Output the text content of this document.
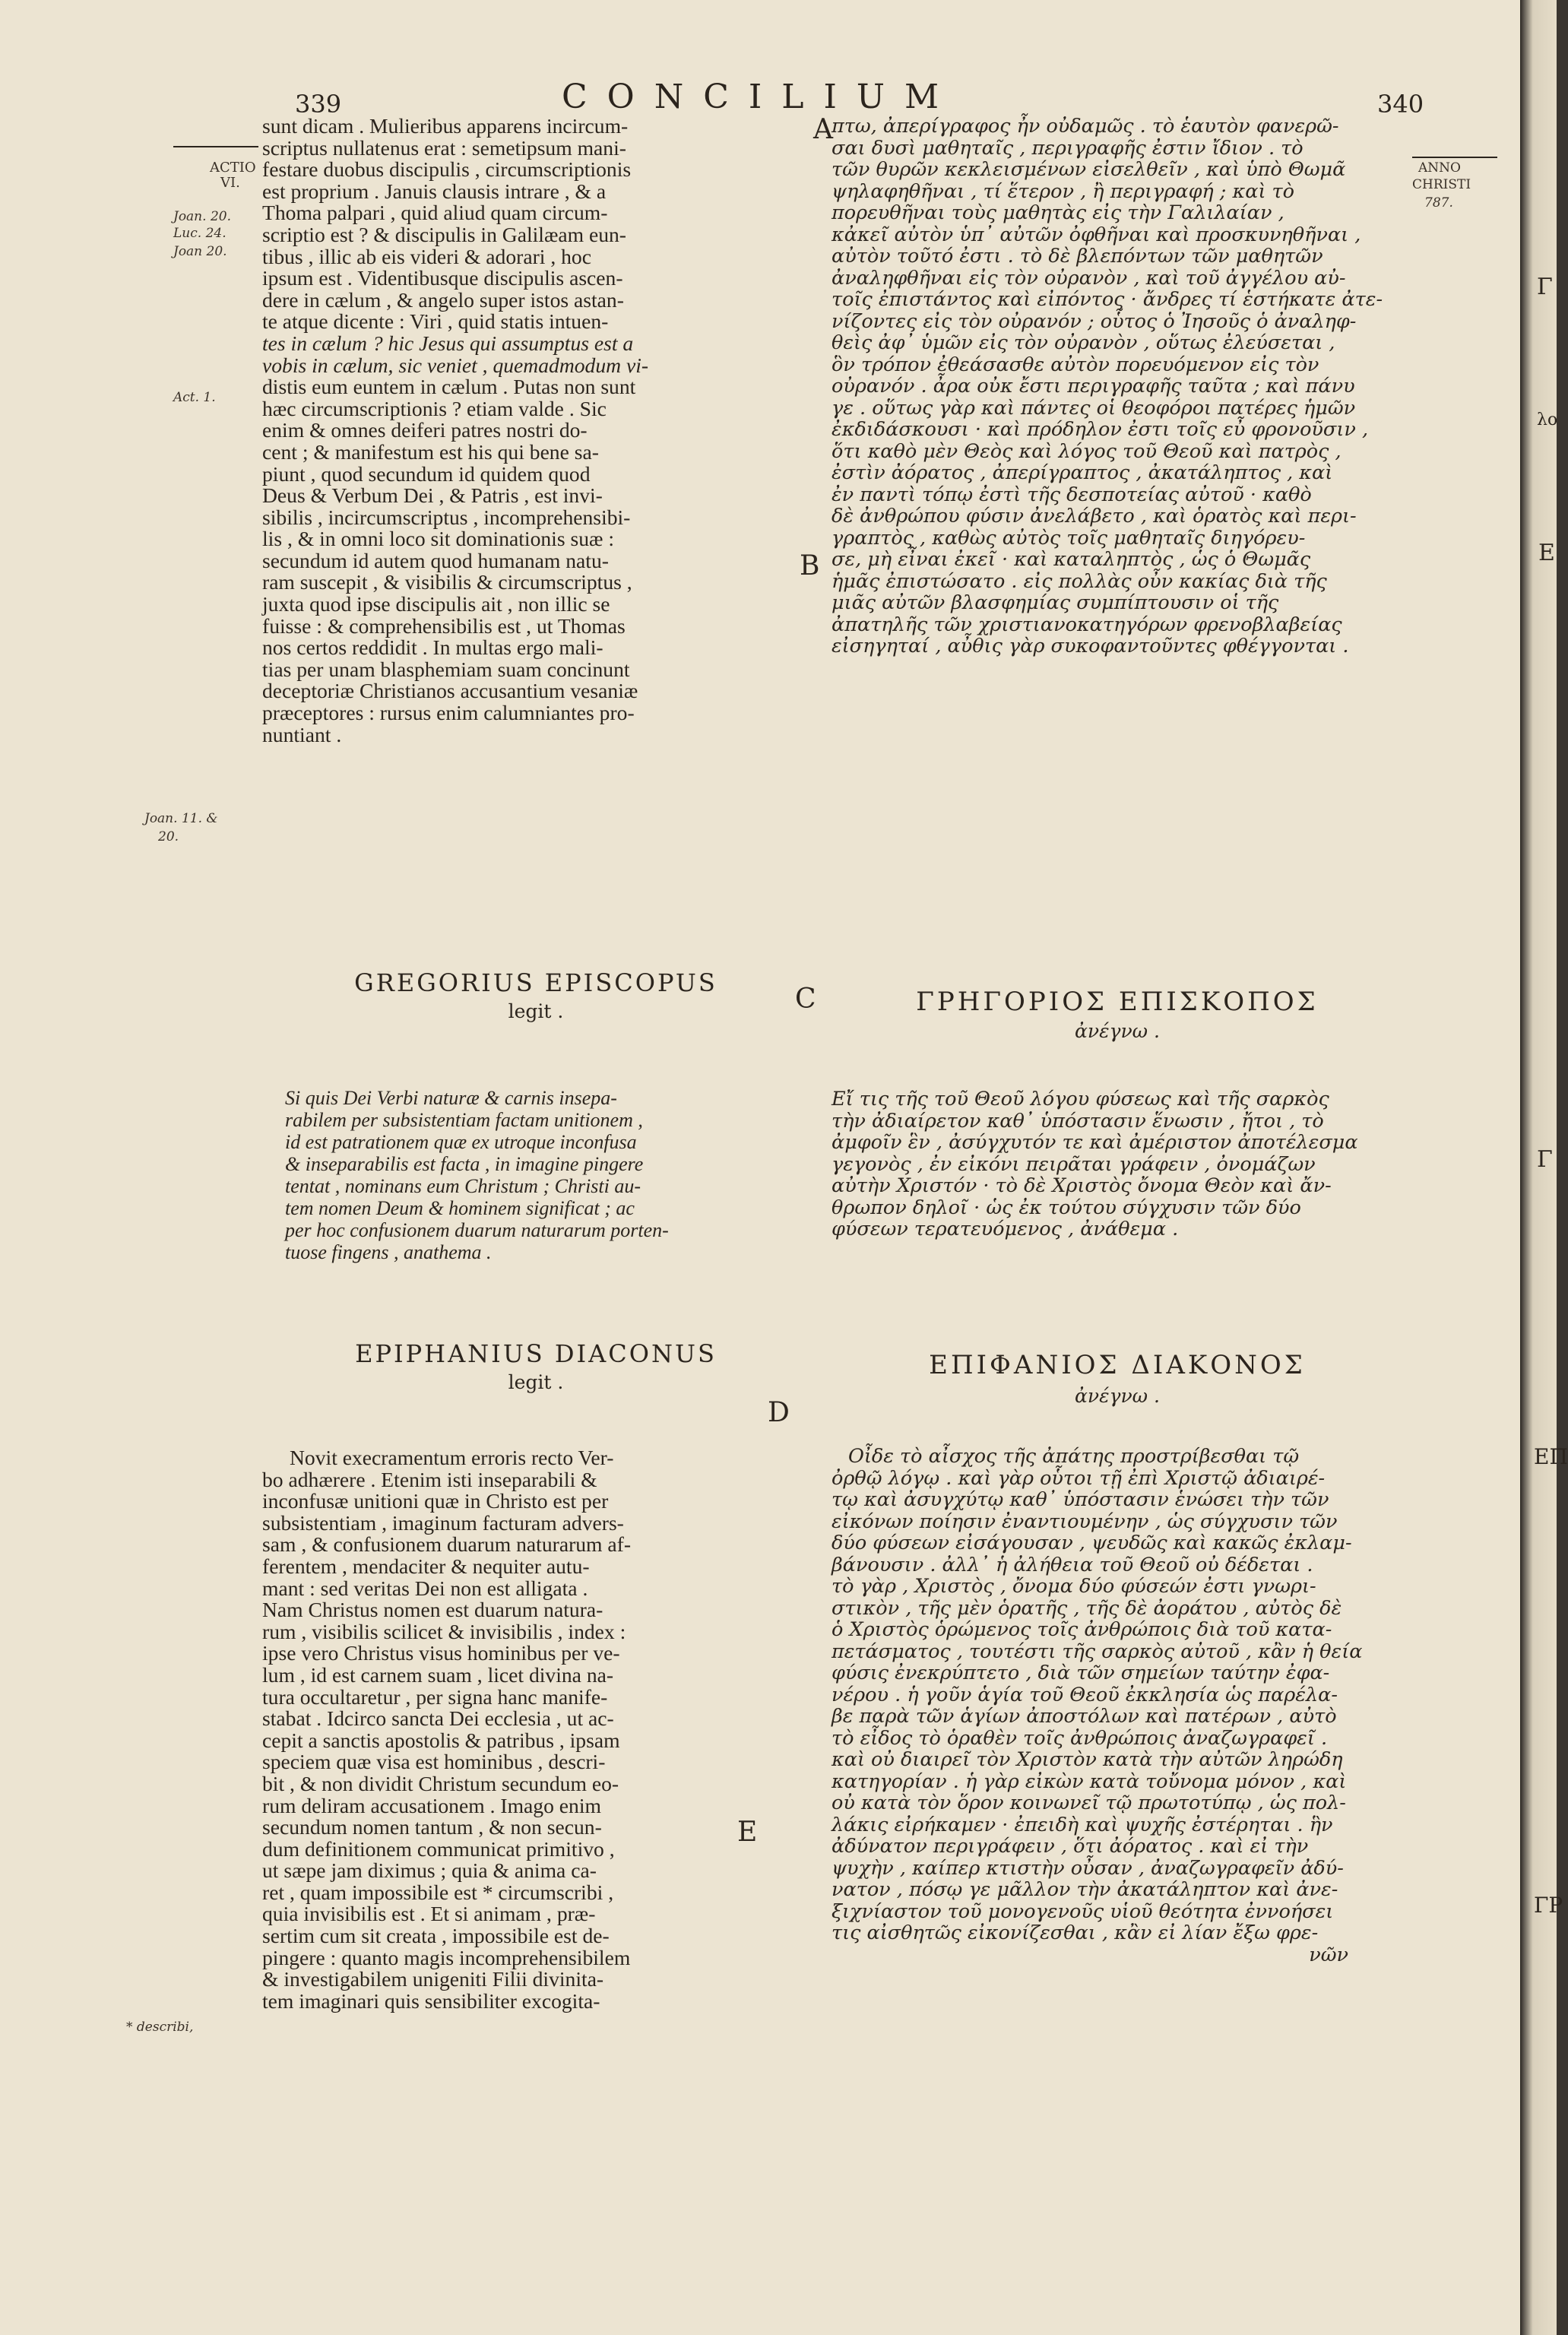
CONCILIUM
339	340
ACTIO
VI.
Joan. 20.
Luc. 24.
Joan 20.
Act. 1.
Joan. 11. &
20.
* describi,
ANNO
CHRISTI
787.
A
B
C
D
E

sunt dicam . Mulieribus apparens incircum-

scriptus nullatenus erat : semetipsum mani-

festare duobus discipulis , circumscriptionis

est proprium . Januis clausis intrare , & a

Thoma palpari , quid aliud quam circum-

scriptio est ? & discipulis in Galilæam eun-

tibus , illic ab eis videri & adorari , hoc

ipsum est . Videntibusque discipulis ascen-

dere in cælum , & angelo super istos astan-

te atque dicente : Viri , quid statis intuen-

tes in cælum ? hic Jesus qui assumptus est a

vobis in cælum, sic veniet , quemadmodum vi-

distis eum euntem in cælum . Putas non sunt

hæc circumscriptionis ? etiam valde . Sic

enim & omnes deiferi patres nostri do-

cent ; & manifestum est his qui bene sa-

piunt , quod secundum id quidem quod

Deus & Verbum Dei , & Patris , est invi-

sibilis , incircumscriptus , incomprehensibi-

lis , & in omni loco sit dominationis suæ :

secundum id autem quod humanam natu-

ram suscepit , & visibilis & circumscriptus ,

juxta quod ipse discipulis ait , non illic se

fuisse : & comprehensibilis est , ut Thomas

nos certos reddidit . In multas ergo mali-

tias per unam blasphemiam suam concinunt

deceptoriæ Christianos accusantium vesaniæ

præceptores : rursus enim calumniantes pro-

nuntiant .

πτω, ἀπερίγραφος ἦν οὐδαμῶς . τὸ ἑαυτὸν φανερῶ-

σαι δυσὶ μαθηταῖς , περιγραφῆς ἐστιν ἴδιον . τὸ

τῶν θυρῶν κεκλεισμένων εἰσελθεῖν , καὶ ὑπὸ Θωμᾶ

ψηλαφηθῆναι , τί ἕτερον , ἢ περιγραφή ; καὶ τὸ

πορευθῆναι τοὺς μαθητὰς εἰς τὴν Γαλιλαίαν ,

κἀκεῖ αὐτὸν ὑπ᾽ αὐτῶν ὀφθῆναι καὶ προσκυνηθῆναι ,

αὐτὸν τοῦτό ἐστι . τὸ δὲ βλεπόντων τῶν μαθητῶν

ἀναληφθῆναι εἰς τὸν οὐρανὸν , καὶ τοῦ ἀγγέλου αὐ-

τοῖς ἐπιστάντος καὶ εἰπόντος · ἄνδρες τί ἑστήκατε ἀτε-

νίζοντες εἰς τὸν οὐρανόν ; οὗτος ὁ Ἰησοῦς ὁ ἀναληφ-

θεὶς ἀφ᾽ ὑμῶν εἰς τὸν οὐρανὸν , οὕτως ἐλεύσεται ,

ὃν τρόπον ἐθεάσασθε αὐτὸν πορευόμενον εἰς τὸν

οὐρανόν . ἆρα οὐκ ἔστι περιγραφῆς ταῦτα ; καὶ πάνυ

γε . οὕτως γὰρ καὶ πάντες οἱ θεοφόροι πατέρες ἡμῶν

ἐκδιδάσκουσι · καὶ πρόδηλον ἐστι τοῖς εὖ φρονοῦσιν ,

ὅτι καθὸ μὲν Θεὸς καὶ λόγος τοῦ Θεοῦ καὶ πατρὸς ,

ἐστὶν ἀόρατος , ἀπερίγραπτος , ἀκατάληπτος , καὶ

ἐν παντὶ τόπῳ ἐστὶ τῆς δεσποτείας αὐτοῦ · καθὸ

δὲ ἀνθρώπου φύσιν ἀνελάβετο , καὶ ὁρατὸς καὶ περι-

γραπτὸς , καθὼς αὐτὸς τοῖς μαθηταῖς διηγόρευ-

σε, μὴ εἶναι ἐκεῖ · καὶ καταληπτὸς , ὡς ὁ Θωμᾶς

ἡμᾶς ἐπιστώσατο . εἰς πολλὰς οὖν κακίας διὰ τῆς

μιᾶς αὐτῶν βλασφημίας συμπίπτουσιν οἱ τῆς

ἀπατηλῆς τῶν χριστιανοκατηγόρων φρενοβλαβείας

εἰσηγηταί , αὖθις γὰρ συκοφαντοῦντες φθέγγονται .

GREGORIUS EPISCOPUS
legit .	ΓΡΗΓΟΡΙΟΣ ΕΠΙΣΚΟΠΟΣ
ἀνέγνω .

Si quis Dei Verbi naturæ & carnis insepa-

rabilem per subsistentiam factam unitionem ,

id est patrationem quæ ex utroque inconfusa

& inseparabilis est facta , in imagine pingere

tentat , nominans eum Christum ; Christi au-

tem nomen Deum & hominem significat ; ac

per hoc confusionem duarum naturarum porten-

tuose fingens , anathema .

Εἴ τις τῆς τοῦ Θεοῦ λόγου φύσεως καὶ τῆς σαρκὸς

τὴν ἀδιαίρετον καθ᾽ ὑπόστασιν ἕνωσιν , ἤτοι , τὸ

ἀμφοῖν ἓν , ἀσύγχυτόν τε καὶ ἀμέριστον ἀποτέλεσμα

γεγονὸς , ἐν εἰκόνι πειρᾶται γράφειν , ὀνομάζων

αὐτὴν Χριστόν · τὸ δὲ Χριστὸς ὄνομα Θεὸν καὶ ἄν-

θρωπον δηλοῖ · ὡς ἐκ τούτου σύγχυσιν τῶν δύο

φύσεων τερατευόμενος , ἀνάθεμα .

EPIPHANIUS DIACONUS
legit .
ΕΠΙΦΑΝΙΟΣ ΔΙΑΚΟΝΟΣ
ἀνέγνω .

Novit execramentum erroris recto Ver-

bo adhærere . Etenim isti inseparabili &

inconfusæ unitioni quæ in Christo est per

subsistentiam , imaginum facturam advers-

sam , & confusionem duarum naturarum af-

ferentem , mendaciter & nequiter autu-

mant : sed veritas Dei non est alligata .

Nam Christus nomen est duarum natura-

rum , visibilis scilicet & invisibilis , index :

ipse vero Christus visus hominibus per ve-

lum , id est carnem suam , licet divina na-

tura occultaretur , per signa hanc manife-

stabat . Idcirco sancta Dei ecclesia , ut ac-

cepit a sanctis apostolis & patribus , ipsam

speciem quæ visa est hominibus , descri-

bit , & non dividit Christum secundum eo-

rum deliram accusationem . Imago enim

secundum nomen tantum , & non secun-

dum definitionem communicat primitivo ,

ut sæpe jam diximus ; quia & anima ca-

ret , quam impossibile est * circumscribi ,

quia invisibilis est . Et si animam , præ-

sertim cum sit creata , impossibile est de-

pingere : quanto magis incomprehensibilem

& investigabilem unigeniti Filii divinita-

tem imaginari quis sensibiliter excogita-

Οἶδε τὸ αἶσχος τῆς ἀπάτης προστρίβεσθαι τῷ

ὀρθῷ λόγῳ . καὶ γὰρ οὗτοι τῇ ἐπὶ Χριστῷ ἀδιαιρέ-

τῳ καὶ ἀσυγχύτῳ καθ᾽ ὑπόστασιν ἑνώσει τὴν τῶν

εἰκόνων ποίησιν ἐναντιουμένην , ὡς σύγχυσιν τῶν

δύο φύσεων εἰσάγουσαν , ψευδῶς καὶ κακῶς ἐκλαμ-

βάνουσιν . ἀλλ᾽ ἡ ἀλήθεια τοῦ Θεοῦ οὐ δέδεται .

τὸ γὰρ , Χριστὸς , ὄνομα δύο φύσεών ἐστι γνωρι-

στικὸν , τῆς μὲν ὁρατῆς , τῆς δὲ ἀοράτου , αὐτὸς δὲ

ὁ Χριστὸς ὁρώμενος τοῖς ἀνθρώποις διὰ τοῦ κατα-

πετάσματος , τουτέστι τῆς σαρκὸς αὐτοῦ , κἂν ἡ θεία

φύσις ἐνεκρύπτετο , διὰ τῶν σημείων ταύτην ἐφα-

νέρου . ἡ γοῦν ἁγία τοῦ Θεοῦ ἐκκλησία ὡς παρέλα-

βε παρὰ τῶν ἁγίων ἀποστόλων καὶ πατέρων , αὐτὸ

τὸ εἶδος τὸ ὁραθὲν τοῖς ἀνθρώποις ἀναζωγραφεῖ .

καὶ οὐ διαιρεῖ τὸν Χριστὸν κατὰ τὴν αὐτῶν ληρώδη

κατηγορίαν . ἡ γὰρ εἰκὼν κατὰ τοὔνομα μόνον , καὶ

οὐ κατὰ τὸν ὅρον κοινωνεῖ τῷ πρωτοτύπῳ , ὡς πολ-

λάκις εἰρήκαμεν · ἐπειδὴ καὶ ψυχῆς ἐστέρηται . ἣν

ἀδύνατον περιγράφειν , ὅτι ἀόρατος . καὶ εἰ τὴν

ψυχὴν , καίπερ κτιστὴν οὖσαν , ἀναζωγραφεῖν ἀδύ-

νατον , πόσῳ γε μᾶλλον τὴν ἀκατάληπτον καὶ ἀνε-

ξιχνίαστον τοῦ μονογενοῦς υἱοῦ θεότητα ἐννοήσει

τις αἰσθητῶς εἰκονίζεσθαι , κἂν εἰ λίαν ἔξω φρε-

νῶν

Γ
λο
Ε
Γ
ΕΠ
ΓΡ
